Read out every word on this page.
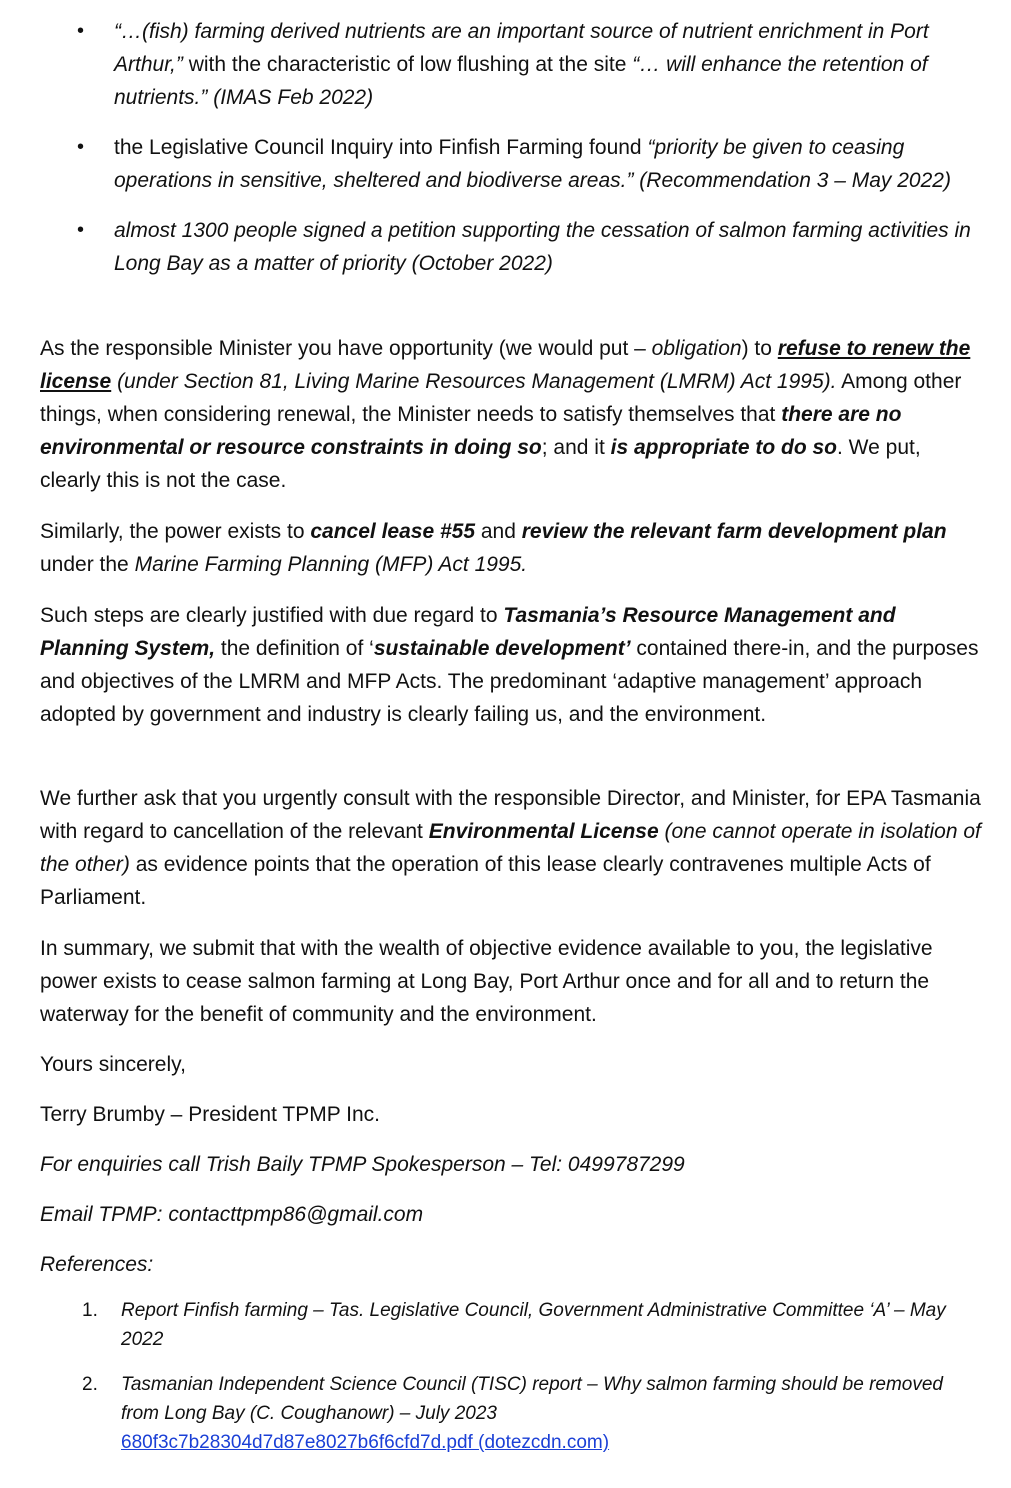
• “…(fish) farming derived nutrients are an important source of nutrient enrichment in Port Arthur,” with the characteristic of low flushing at the site “… will enhance the retention of nutrients.” (IMAS Feb 2022)
• the Legislative Council Inquiry into Finfish Farming found “priority be given to ceasing operations in sensitive, sheltered and biodiverse areas.” (Recommendation 3 – May 2022)
• almost 1300 people signed a petition supporting the cessation of salmon farming activities in Long Bay as a matter of priority (October 2022)

As the responsible Minister you have opportunity (we would put – obligation) to refuse to renew the license (under Section 81, Living Marine Resources Management (LMRM) Act 1995). Among other things, when considering renewal, the Minister needs to satisfy themselves that there are no environmental or resource constraints in doing so; and it is appropriate to do so. We put, clearly this is not the case.

Similarly, the power exists to cancel lease #55 and review the relevant farm development plan under the Marine Farming Planning (MFP) Act 1995.

Such steps are clearly justified with due regard to Tasmania’s Resource Management and Planning System, the definition of ‘sustainable development’ contained there-in, and the purposes and objectives of the LMRM and MFP Acts. The predominant ‘adaptive management’ approach adopted by government and industry is clearly failing us, and the environment.

We further ask that you urgently consult with the responsible Director, and Minister, for EPA Tasmania with regard to cancellation of the relevant Environmental License (one cannot operate in isolation of the other) as evidence points that the operation of this lease clearly contravenes multiple Acts of Parliament.

In summary, we submit that with the wealth of objective evidence available to you, the legislative power exists to cease salmon farming at Long Bay, Port Arthur once and for all and to return the waterway for the benefit of community and the environment.

Yours sincerely,

Terry Brumby – President TPMP Inc.

For enquiries call Trish Baily TPMP Spokesperson – Tel: 0499787299

Email TPMP: contacttpmp86@gmail.com

References:

1. Report Finfish farming – Tas. Legislative Council, Government Administrative Committee ‘A’ – May 2022
2. Tasmanian Independent Science Council (TISC) report – Why salmon farming should be removed from Long Bay (C. Coughanowr) – July 2023
680f3c7b28304d7d87e8027b6f6cfd7d.pdf (dotezcdn.com)
